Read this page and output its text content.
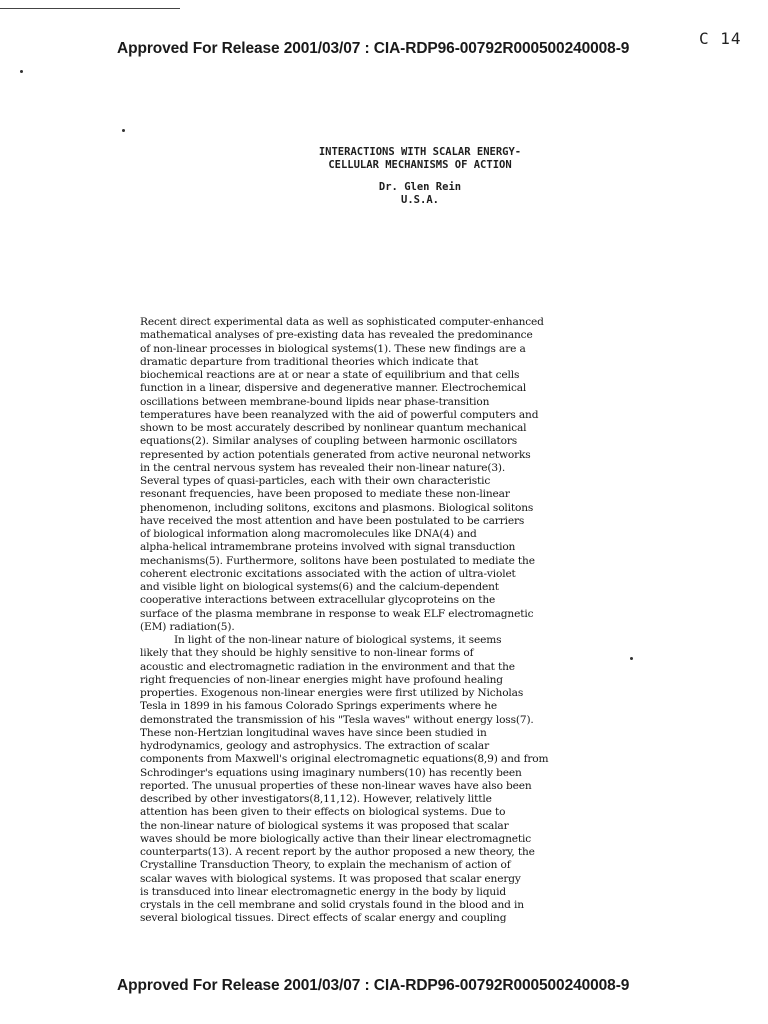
Approved For Release 2001/03/07 : CIA-RDP96-00792R000500240008-9
C 14
INTERACTIONS WITH SCALAR ENERGY-
CELLULAR MECHANISMS OF ACTION
Dr. Glen Rein
U.S.A.
Recent direct experimental data as well as sophisticated computer-enhanced
mathematical analyses of pre-existing data has revealed the predominance
of non-linear processes in biological systems(1). These new findings are a
dramatic departure from traditional theories which indicate that
biochemical reactions are at or near a state of equilibrium and that cells
function in a linear, dispersive and degenerative manner. Electrochemical
oscillations between membrane-bound lipids near phase-transition
temperatures have been reanalyzed with the aid of powerful computers and
shown to be most accurately described by nonlinear quantum mechanical
equations(2). Similar analyses of coupling between harmonic oscillators
represented by action potentials generated from active neuronal networks
in the central nervous system has revealed their non-linear nature(3).
Several types of quasi-particles, each with their own characteristic
resonant frequencies, have been proposed to mediate these non-linear
phenomenon, including solitons, excitons and plasmons. Biological solitons
have received the most attention and have been postulated to be carriers
of biological information along macromolecules like DNA(4) and
alpha-helical intramembrane proteins involved with signal transduction
mechanisms(5). Furthermore, solitons have been postulated to mediate the
coherent electronic excitations associated with the action of ultra-violet
and visible light on biological systems(6) and the calcium-dependent
cooperative interactions between extracellular glycoproteins on the
surface of the plasma membrane in response to weak ELF electromagnetic
(EM) radiation(5).
In light of the non-linear nature of biological systems, it seems
likely that they should be highly sensitive to non-linear forms of
acoustic and electromagnetic radiation in the environment and that the
right frequencies of non-linear energies might have profound healing
properties. Exogenous non-linear energies were first utilized by Nicholas
Tesla in 1899 in his famous Colorado Springs experiments where he
demonstrated the transmission of his "Tesla waves" without energy loss(7).
These non-Hertzian longitudinal waves have since been studied in
hydrodynamics, geology and astrophysics. The extraction of scalar
components from Maxwell's original electromagnetic equations(8,9) and from
Schrodinger's equations using imaginary numbers(10) has recently been
reported. The unusual properties of these non-linear waves have also been
described by other investigators(8,11,12). However, relatively little
attention has been given to their effects on biological systems. Due to
the non-linear nature of biological systems it was proposed that scalar
waves should be more biologically active than their linear electromagnetic
counterparts(13). A recent report by the author proposed a new theory, the
Crystalline Transduction Theory, to explain the mechanism of action of
scalar waves with biological systems. It was proposed that scalar energy
is transduced into linear electromagnetic energy in the body by liquid
crystals in the cell membrane and solid crystals found in the blood and in
several biological tissues. Direct effects of scalar energy and coupling
Approved For Release 2001/03/07 : CIA-RDP96-00792R000500240008-9
